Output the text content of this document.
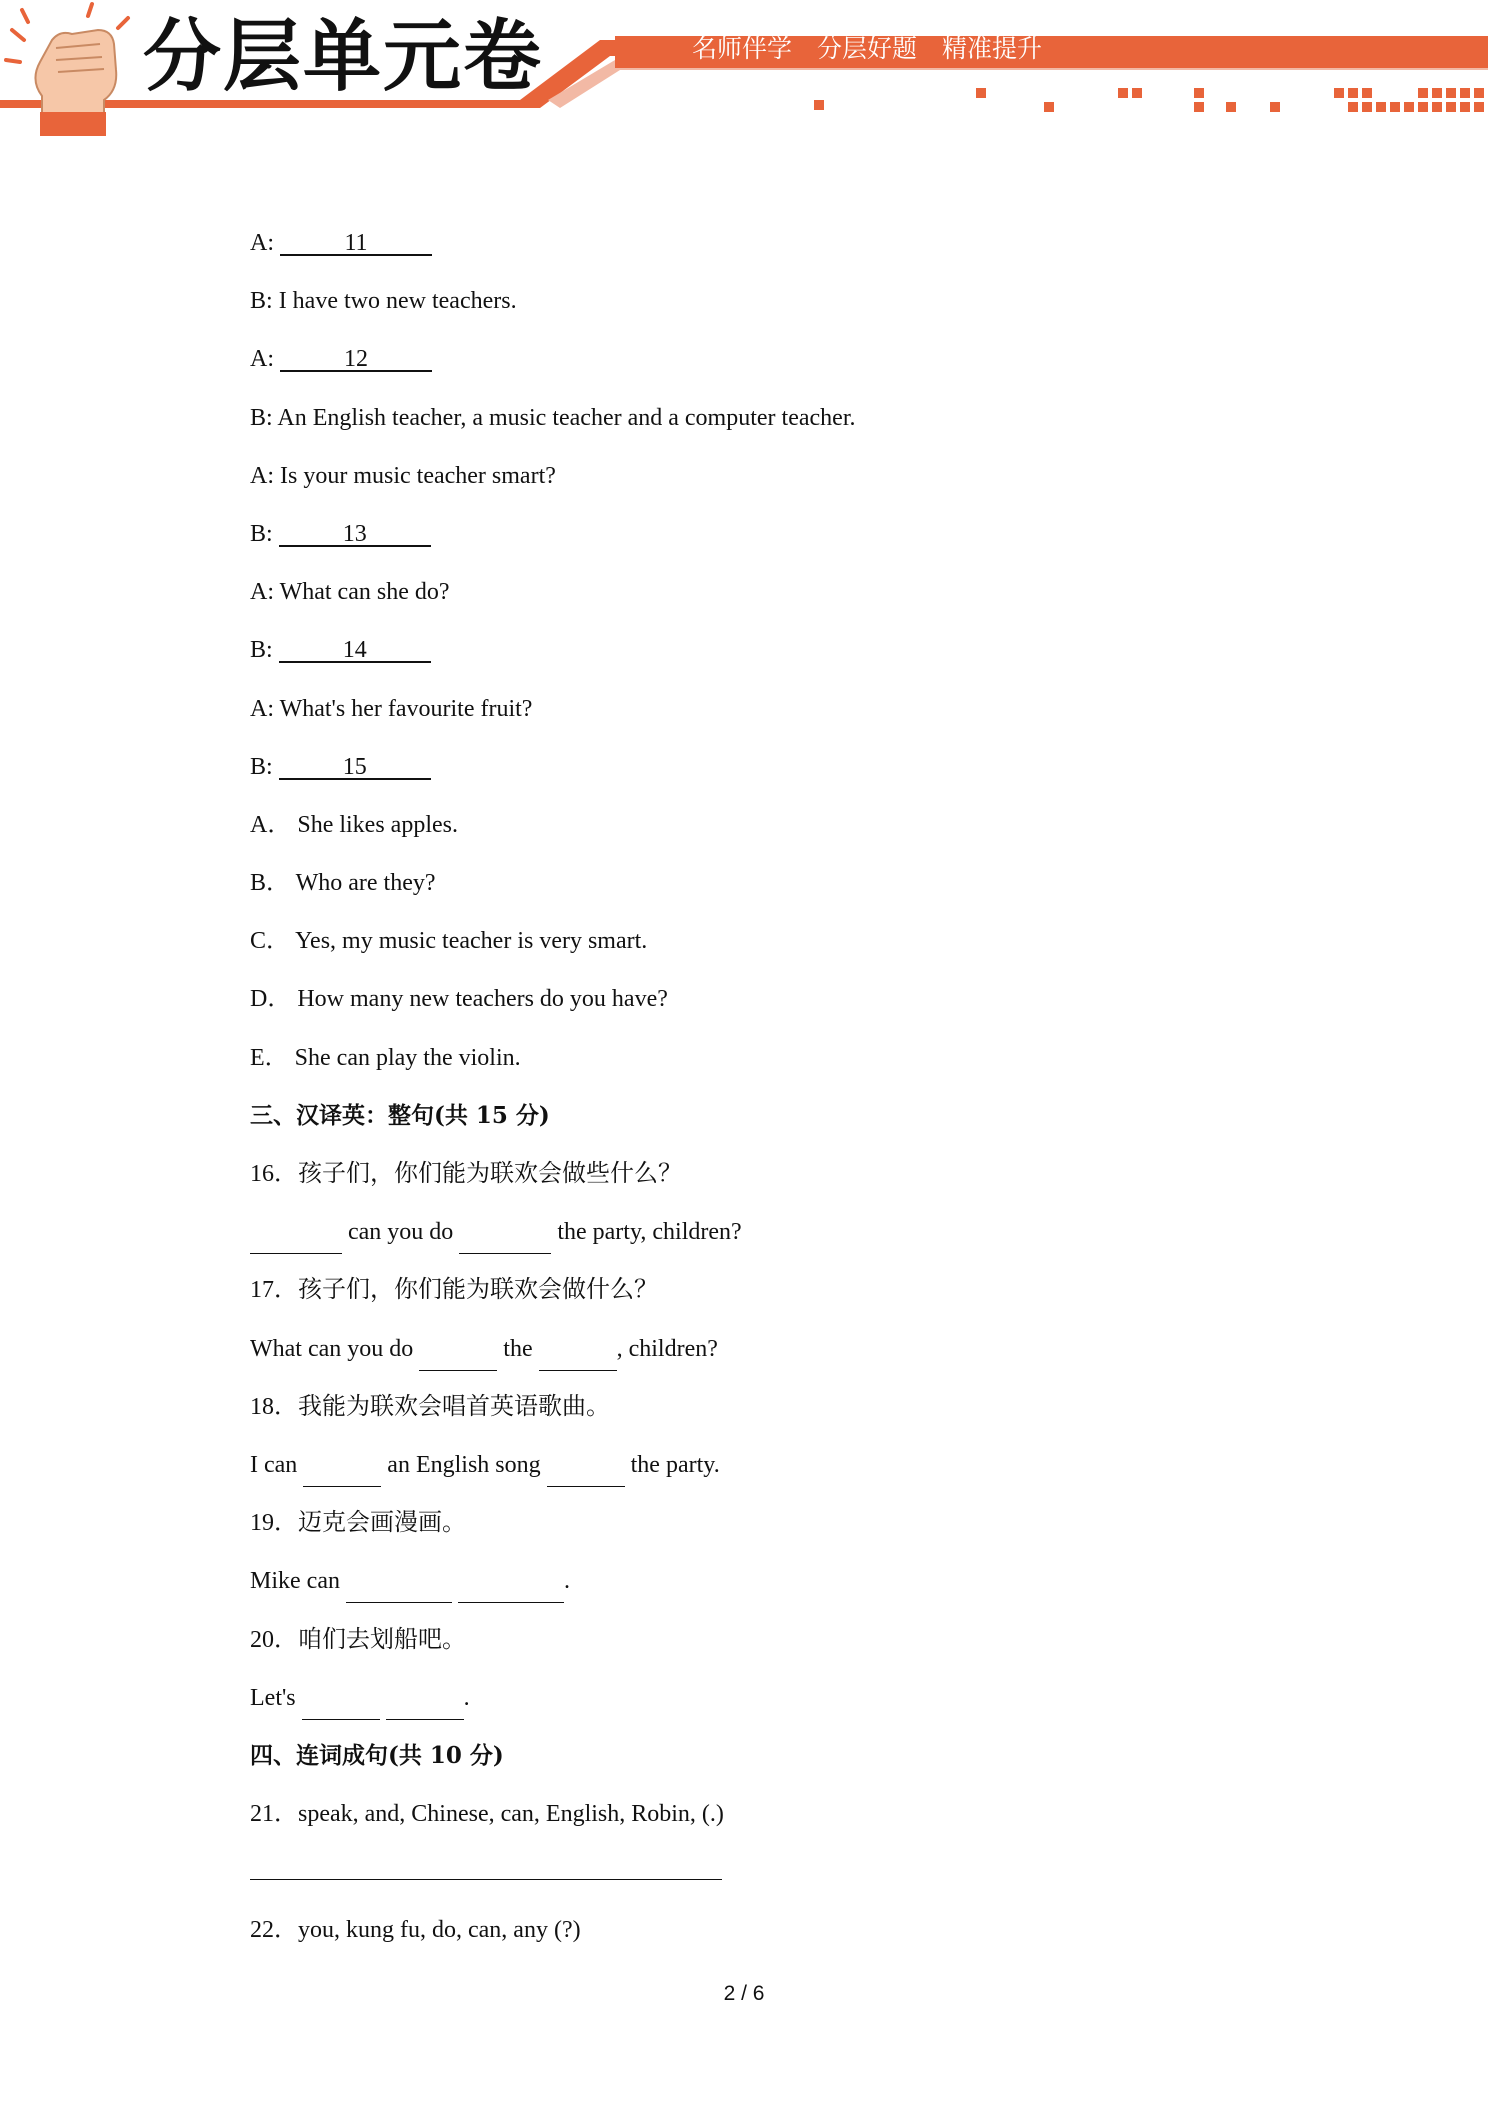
分层单元卷	名师伴学 分层好题 精准提升
A:	11
B: I have two new teachers.
A:	12
B: An English teacher, a music teacher and a computer teacher.
A: Is your music teacher smart?
B:	13
A: What can she do?
B:	14
A: What's her favourite fruit?
B:	15
A． She likes apples.
B． Who are they?
C． Yes, my music teacher is very smart.
D． How many new teachers do you have?
E． She can play the violin.
三、汉译英：整句(共 15 分)
16．孩子们，你们能为联欢会做些什么？
can you do	the party, children?
17．孩子们，你们能为联欢会做什么？
What can you do	the	, children?
18．我能为联欢会唱首英语歌曲。
I can	an English song	the party.
19．迈克会画漫画。
Mike can	.
20．咱们去划船吧。
Let's	.
四、连词成句(共 10 分)
21．speak, and, Chinese, can, English, Robin, (.)
22．you, kung fu, do, can, any (?)
2 / 6
